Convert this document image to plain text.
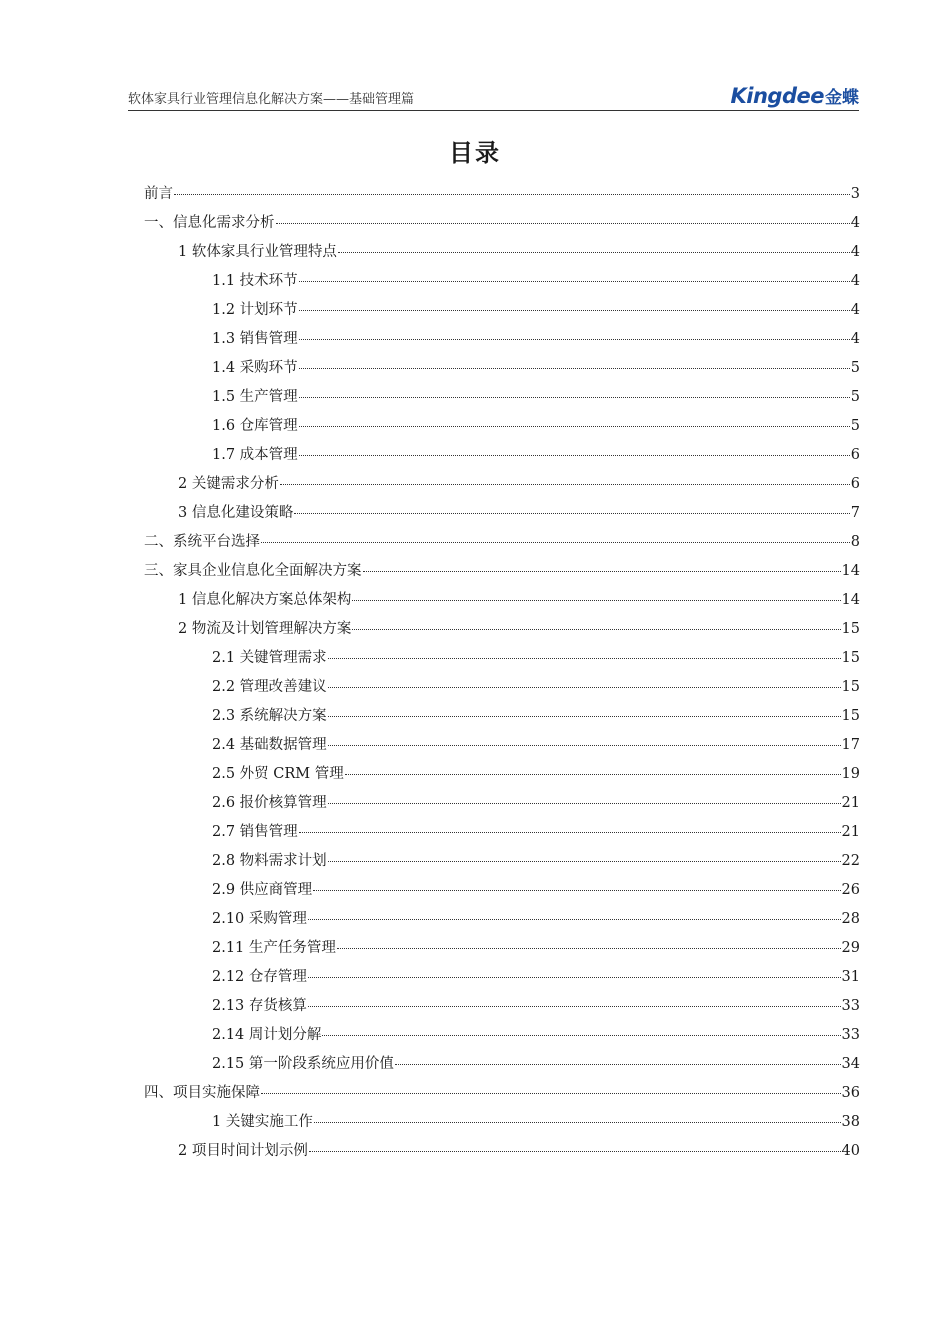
软体家具行业管理信息化解决方案——基础管理篇	Kingdee金蝶
目录
前言	3
一、信息化需求分析	4
1 软体家具行业管理特点	4
1.1 技术环节	4
1.2 计划环节	4
1.3 销售管理	4
1.4 采购环节	5
1.5 生产管理	5
1.6 仓库管理	5
1.7 成本管理	6
2 关键需求分析	6
3 信息化建设策略	7
二、系统平台选择	8
三、家具企业信息化全面解决方案	14
1 信息化解决方案总体架构	14
2 物流及计划管理解决方案	15
2.1 关键管理需求	15
2.2 管理改善建议	15
2.3 系统解决方案	15
2.4 基础数据管理	17
2.5 外贸 CRM 管理	19
2.6 报价核算管理	21
2.7 销售管理	21
2.8 物料需求计划	22
2.9 供应商管理	26
2.10 采购管理	28
2.11 生产任务管理	29
2.12 仓存管理	31
2.13 存货核算	33
2.14 周计划分解	33
2.15 第一阶段系统应用价值	34
四、项目实施保障	36
1 关键实施工作	38
2 项目时间计划示例	40
